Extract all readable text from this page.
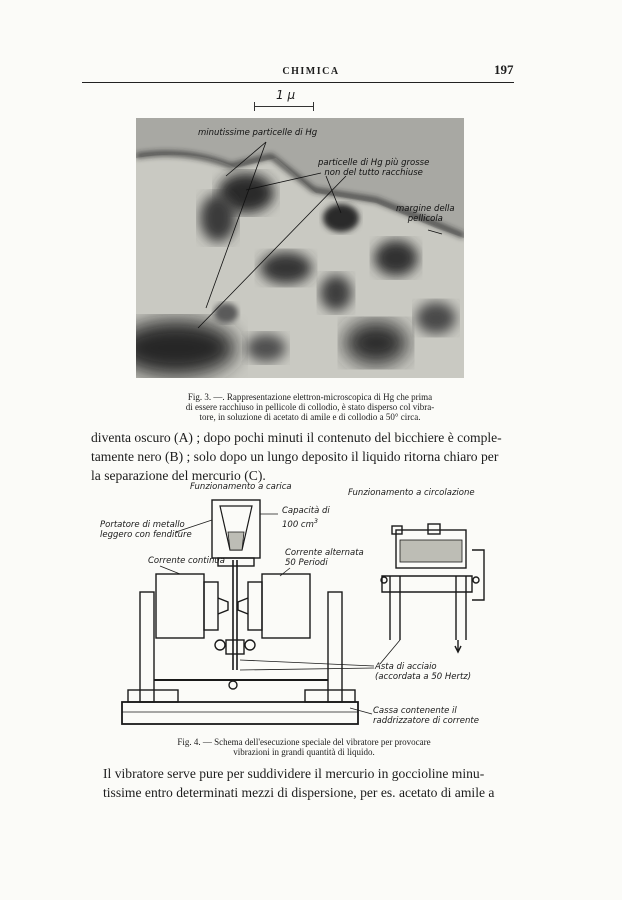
CHIMICA	197
1 μ
minutissime particelle di Hg
particelle di Hg più grosse
non del tutto racchiuse
margine della
pellicola
Fig. 3. —. Rappresentazione elettron-microscopica di Hg che prima
di essere racchiuso in pellicole di collodio, è stato disperso col vibra-
tore, in soluzione di acetato di amile e di collodio a 50° circa.
diventa oscuro (A) ; dopo pochi minuti il contenuto del bicchiere è comple-
tamente nero (B) ; solo dopo un lungo deposito il liquido ritorna chiaro per
la separazione del mercurio (C).
Funzionamento a carica
Funzionamento a circolazione
Portatore di metallo
leggero con fenditure
Capacità di
100 $cm^3$
Corrente continua
Corrente alternata
50 Periodi
Asta di acciaio
(accordata a 50 Hertz)
Cassa contenente il
raddrizzatore di corrente
Fig. 4. — Schema dell'esecuzione speciale del vibratore per provocare
vibrazioni in grandi quantità di liquido.
Il vibratore serve pure per suddividere il mercurio in goccioline minu-
tissime entro determinati mezzi di dispersione, per es. acetato di amile a
